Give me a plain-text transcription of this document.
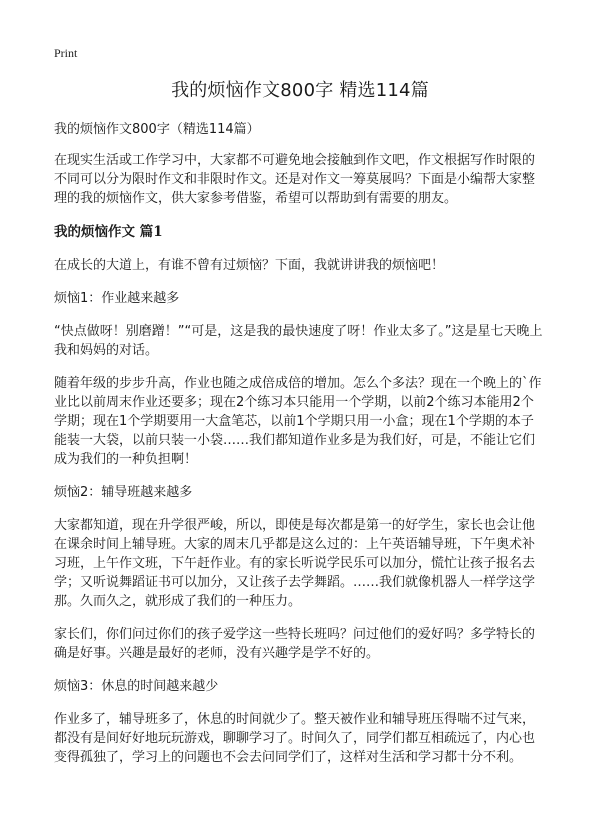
Print
我的烦恼作文800字 精选114篇

我的烦恼作文800字（精选114篇）

在现实生活或工作学习中，大家都不可避免地会接触到作文吧，作文根据写作时限的不同可以分为限时作文和非限时作文。还是对作文一筹莫展吗？下面是小编帮大家整理的我的烦恼作文，供大家参考借鉴，希望可以帮助到有需要的朋友。

我的烦恼作文 篇1

在成长的大道上，有谁不曾有过烦恼？下面，我就讲讲我的烦恼吧！

烦恼1：作业越来越多

“快点做呀！别磨蹭！”“可是，这是我的最快速度了呀！作业太多了。”这是星七天晚上我和妈妈的对话。

随着年级的步步升高，作业也随之成倍成倍的增加。怎么个多法？现在一个晚上的`作业比以前周末作业还要多；现在2个练习本只能用一个学期，以前2个练习本能用2个学期；现在1个学期要用一大盒笔芯，以前1个学期只用一小盒；现在1个学期的本子能装一大袋，以前只装一小袋……我们都知道作业多是为我们好，可是，不能让它们成为我们的一种负担啊！

烦恼2：辅导班越来越多

大家都知道，现在升学很严峻，所以，即使是每次都是第一的好学生，家长也会让他在课余时间上辅导班。大家的周末几乎都是这么过的：上午英语辅导班，下午奥术补习班，上午作文班，下午赶作业。有的家长听说学民乐可以加分，慌忙让孩子报名去学；又听说舞蹈证书可以加分，又让孩子去学舞蹈。……我们就像机器人一样学这学那。久而久之，就形成了我们的一种压力。

家长们，你们问过你们的孩子爱学这一些特长班吗？问过他们的爱好吗？多学特长的确是好事。兴趣是最好的老师，没有兴趣学是学不好的。

烦恼3：休息的时间越来越少

作业多了，辅导班多了，休息的时间就少了。整天被作业和辅导班压得喘不过气来，都没有是间好好地玩玩游戏，聊聊学习了。时间久了，同学们都互相疏远了，内心也变得孤独了，学习上的问题也不会去问同学们了，这样对生活和学习都十分不利。
